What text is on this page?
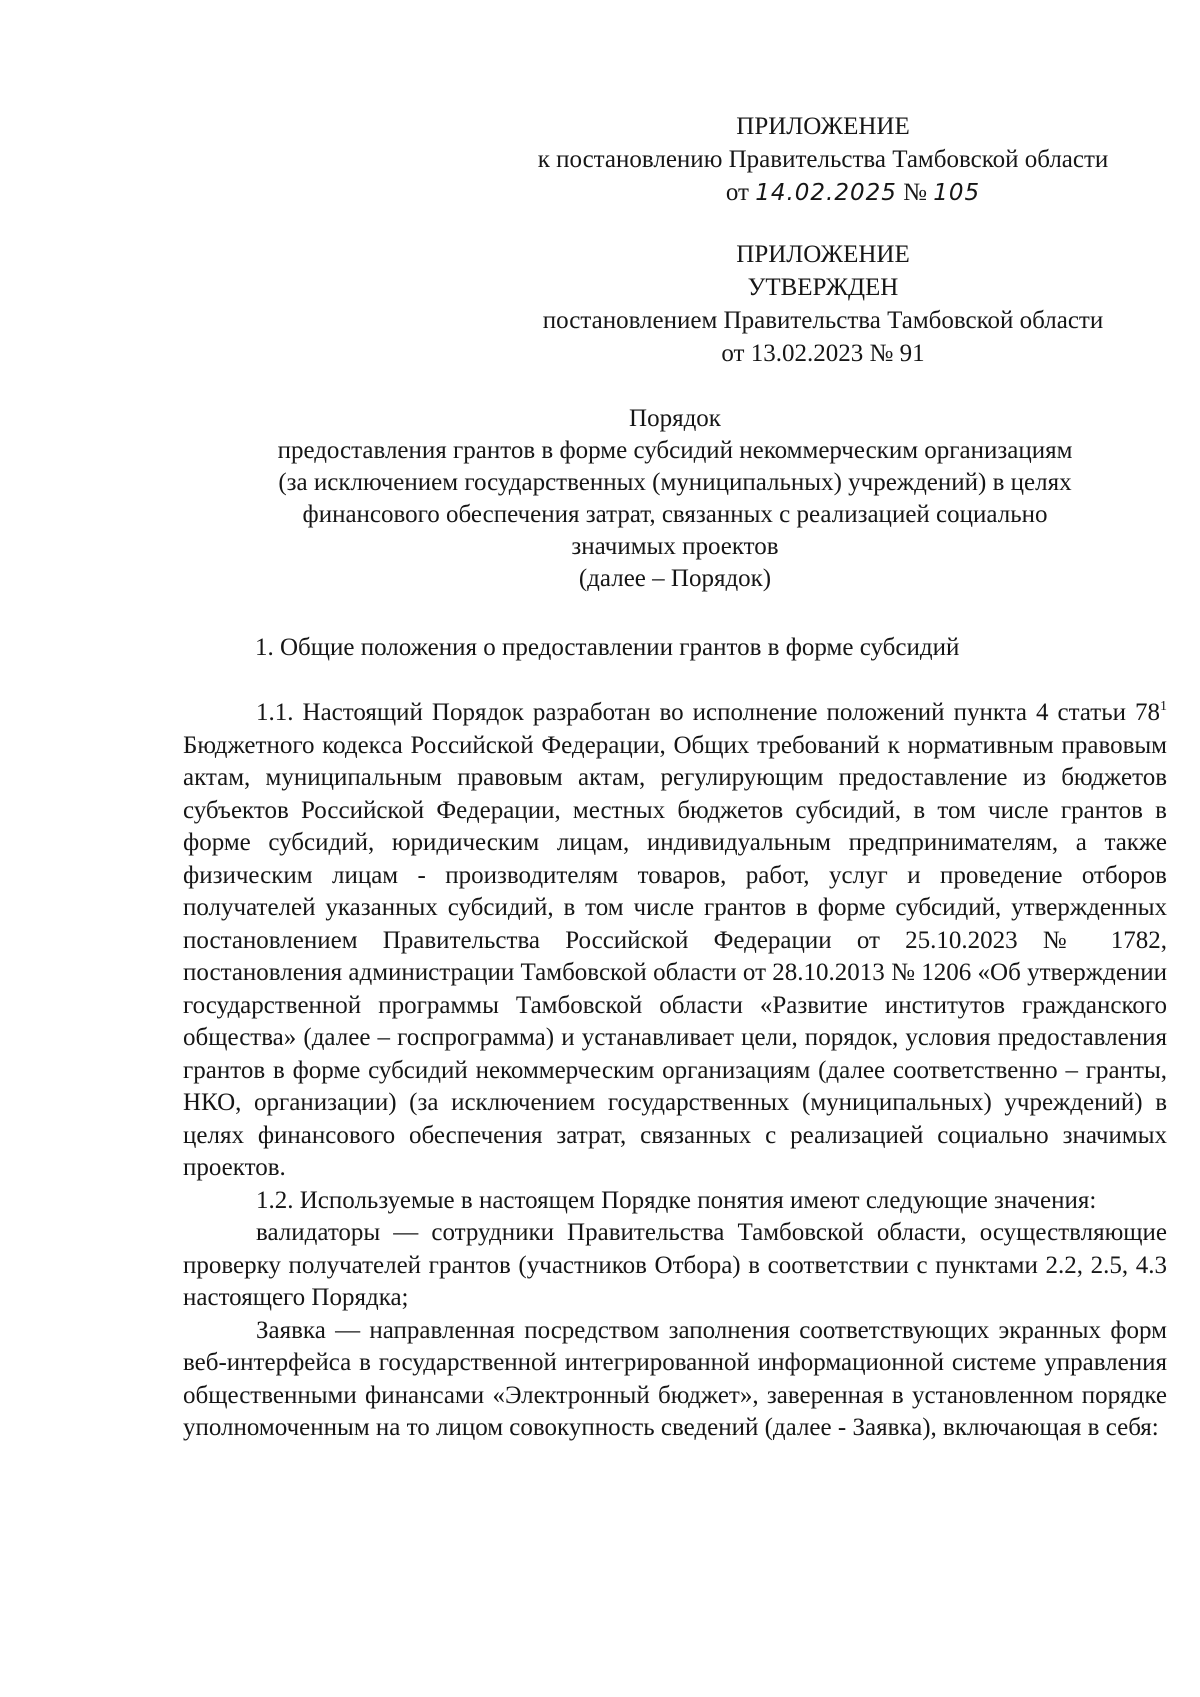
ПРИЛОЖЕНИЕ
к постановлению Правительства Тамбовской области
от 14.02.2025 № 105
ПРИЛОЖЕНИЕ
УТВЕРЖДЕН
постановлением Правительства Тамбовской области
от 13.02.2023 № 91
Порядок
предоставления грантов в форме субсидий некоммерческим организациям
(за исключением государственных (муниципальных) учреждений) в целях
финансового обеспечения затрат, связанных с реализацией социально
значимых проектов
(далее – Порядок)
1. Общие положения о предоставлении грантов в форме субсидий

1.1. Настоящий Порядок разработан во исполнение положений пункта 4 статьи $78^1$ Бюджетного кодекса Российской Федерации, Общих требований к нормативным правовым актам, муниципальным правовым актам, регулирующим предоставление из бюджетов субъектов Российской Федерации, местных бюджетов субсидий, в том числе грантов в форме субсидий, юридическим лицам, индивидуальным предпринимателям, а также физическим лицам - производителям товаров, работ, услуг и проведение отборов получателей указанных субсидий, в том числе грантов в форме субсидий, утвержденных постановлением Правительства Российской Федерации от 25.10.2023 № 1782, постановления администрации Тамбовской области от 28.10.2013 № 1206 «Об утверждении государственной программы Тамбовской области «Развитие институтов гражданского общества» (далее – госпрограмма) и устанавливает цели, порядок, условия предоставления грантов в форме субсидий некоммерческим организациям (далее соответственно – гранты, НКО, организации) (за исключением государственных (муниципальных) учреждений) в целях финансового обеспечения затрат, связанных с реализацией социально значимых проектов.

1.2. Используемые в настоящем Порядке понятия имеют следующие значения:

валидаторы — сотрудники Правительства Тамбовской области, осуществляющие проверку получателей грантов (участников Отбора) в соответствии с пунктами 2.2, 2.5, 4.3 настоящего Порядка;

Заявка — направленная посредством заполнения соответствующих экранных форм веб-интерфейса в государственной интегрированной информационной системе управления общественными финансами «Электронный бюджет», заверенная в установленном порядке уполномоченным на то лицом совокупность сведений (далее - Заявка), включающая в себя:
